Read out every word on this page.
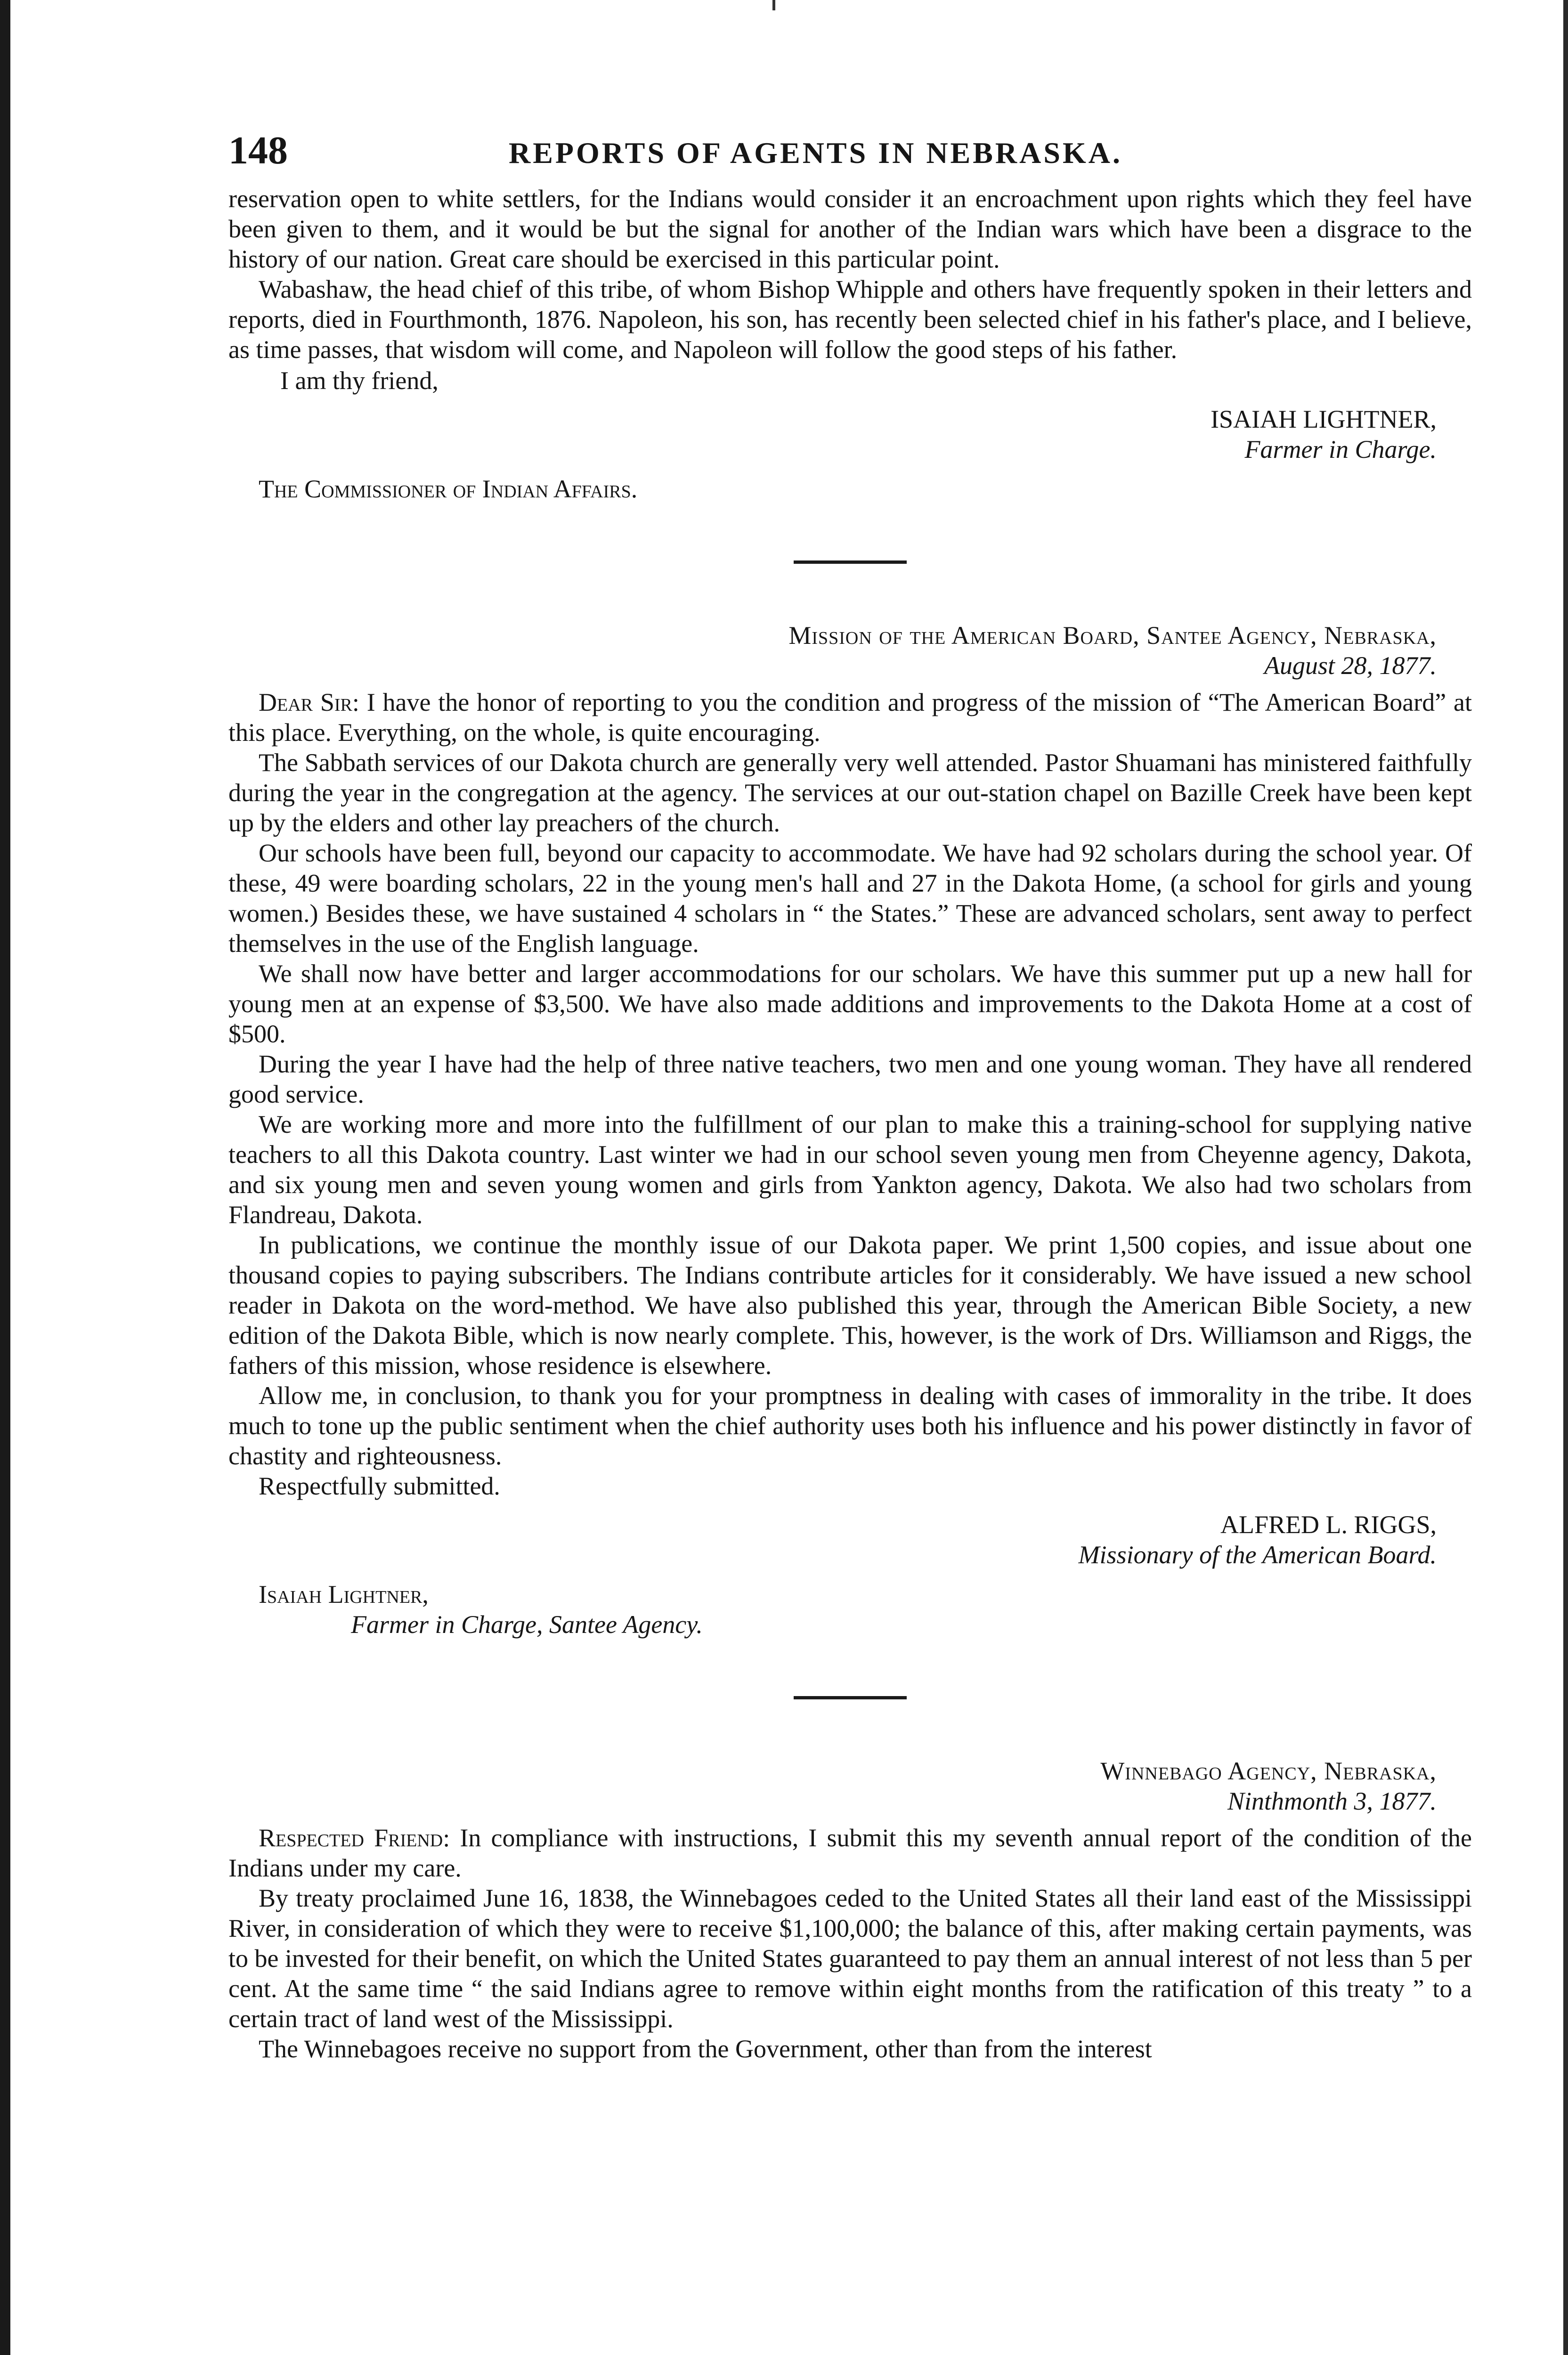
148	REPORTS OF AGENTS IN NEBRASKA.

reservation open to white settlers, for the Indians would consider it an encroachment upon rights which they feel have been given to them, and it would be but the signal for another of the Indian wars which have been a disgrace to the history of our nation. Great care should be exercised in this particular point.

Wabashaw, the head chief of this tribe, of whom Bishop Whipple and others have frequently spoken in their letters and reports, died in Fourthmonth, 1876. Napoleon, his son, has recently been selected chief in his father's place, and I believe, as time passes, that wisdom will come, and Napoleon will follow the good steps of his father.

I am thy friend,

ISAIAH LIGHTNER,

Farmer in Charge.

The Commissioner of Indian Affairs.

Mission of the American Board, Santee Agency, Nebraska,

August 28, 1877.

Dear Sir: I have the honor of reporting to you the condition and progress of the mission of “The American Board” at this place. Everything, on the whole, is quite encouraging.

The Sabbath services of our Dakota church are generally very well attended. Pastor Shuamani has ministered faithfully during the year in the congregation at the agency. The services at our out-station chapel on Bazille Creek have been kept up by the elders and other lay preachers of the church.

Our schools have been full, beyond our capacity to accommodate. We have had 92 scholars during the school year. Of these, 49 were boarding scholars, 22 in the young men's hall and 27 in the Dakota Home, (a school for girls and young women.) Besides these, we have sustained 4 scholars in “ the States.” These are advanced scholars, sent away to perfect themselves in the use of the English language.

We shall now have better and larger accommodations for our scholars. We have this summer put up a new hall for young men at an expense of $3,500. We have also made additions and improvements to the Dakota Home at a cost of $500.

During the year I have had the help of three native teachers, two men and one young woman. They have all rendered good service.

We are working more and more into the fulfillment of our plan to make this a training-school for supplying native teachers to all this Dakota country. Last winter we had in our school seven young men from Cheyenne agency, Dakota, and six young men and seven young women and girls from Yankton agency, Dakota. We also had two scholars from Flandreau, Dakota.

In publications, we continue the monthly issue of our Dakota paper. We print 1,500 copies, and issue about one thousand copies to paying subscribers. The Indians contribute articles for it considerably. We have issued a new school reader in Dakota on the word-method. We have also published this year, through the American Bible Society, a new edition of the Dakota Bible, which is now nearly complete. This, however, is the work of Drs. Williamson and Riggs, the fathers of this mission, whose residence is elsewhere.

Allow me, in conclusion, to thank you for your promptness in dealing with cases of immorality in the tribe. It does much to tone up the public sentiment when the chief authority uses both his influence and his power distinctly in favor of chastity and righteousness.

Respectfully submitted.

ALFRED L. RIGGS,

Missionary of the American Board.

Isaiah Lightner,

Farmer in Charge, Santee Agency.

Winnebago Agency, Nebraska,

Ninthmonth 3, 1877.

Respected Friend: In compliance with instructions, I submit this my seventh annual report of the condition of the Indians under my care.

By treaty proclaimed June 16, 1838, the Winnebagoes ceded to the United States all their land east of the Mississippi River, in consideration of which they were to receive $1,100,000; the balance of this, after making certain payments, was to be invested for their benefit, on which the United States guaranteed to pay them an annual interest of not less than 5 per cent. At the same time “ the said Indians agree to remove within eight months from the ratification of this treaty ” to a certain tract of land west of the Mississippi.

The Winnebagoes receive no support from the Government, other than from the interest
